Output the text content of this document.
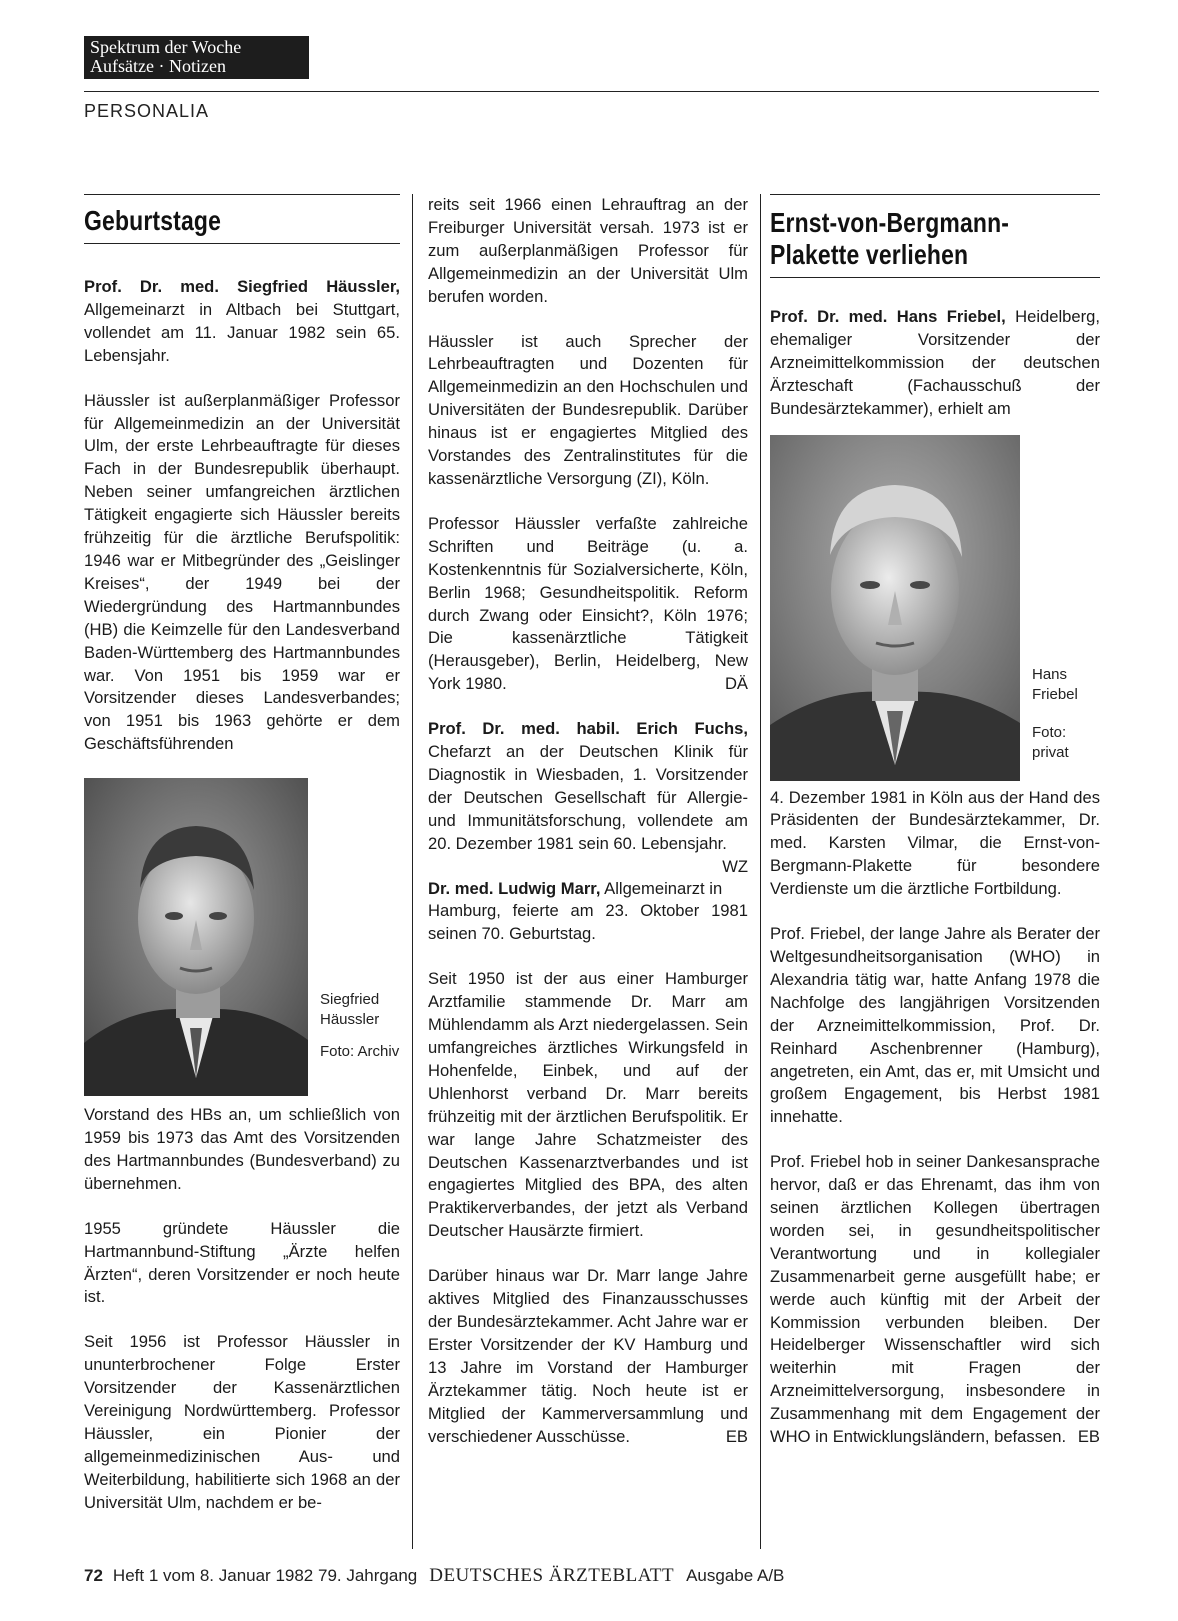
Spektrum der Woche
Aufsätze · Notizen
PERSONALIA
Geburtstage

Prof. Dr. med. Siegfried Häussler, Allgemeinarzt in Altbach bei Stuttgart, vollendet am 11. Januar 1982 sein 65. Lebensjahr.

Häussler ist außerplanmäßiger Professor für Allgemeinmedizin an der Universität Ulm, der erste Lehrbeauftragte für dieses Fach in der Bundesrepublik überhaupt. Neben seiner umfangreichen ärztlichen Tätigkeit engagierte sich Häussler bereits frühzeitig für die ärztliche Berufspolitik: 1946 war er Mitbegründer des „Geislinger Kreises“, der 1949 bei der Wiedergründung des Hartmannbundes (HB) die Keimzelle für den Landesverband Baden-Württemberg des Hartmannbundes war. Von 1951 bis 1959 war er Vorsitzender dieses Landesverbandes; von 1951 bis 1963 gehörte er dem Geschäftsführenden

Siegfried Häussler
Foto: Archiv

Vorstand des HBs an, um schließlich von 1959 bis 1973 das Amt des Vorsitzenden des Hartmannbundes (Bundesverband) zu übernehmen.

1955 gründete Häussler die Hartmannbund-Stiftung „Ärzte helfen Ärzten“, deren Vorsitzender er noch heute ist.

Seit 1956 ist Professor Häussler in ununterbrochener Folge Erster Vorsitzender der Kassenärztlichen Vereinigung Nordwürttemberg. Professor Häussler, ein Pionier der allgemeinmedizinischen Aus- und Weiterbildung, habilitierte sich 1968 an der Universität Ulm, nachdem er be-

reits seit 1966 einen Lehrauftrag an der Freiburger Universität versah. 1973 ist er zum außerplanmäßigen Professor für Allgemeinmedizin an der Universität Ulm berufen worden.

Häussler ist auch Sprecher der Lehrbeauftragten und Dozenten für Allgemeinmedizin an den Hochschulen und Universitäten der Bundesrepublik. Darüber hinaus ist er engagiertes Mitglied des Vorstandes des Zentralinstitutes für die kassenärztliche Versorgung (ZI), Köln.

Professor Häussler verfaßte zahlreiche Schriften und Beiträge (u. a. Kostenkenntnis für Sozialversicherte, Köln, Berlin 1968; Gesundheitspolitik. Reform durch Zwang oder Einsicht?, Köln 1976; Die kassenärztliche Tätigkeit (Herausgeber), Berlin, Heidelberg, New York 1980.	DÄ

Prof. Dr. med. habil. Erich Fuchs, Chefarzt an der Deutschen Klinik für Diagnostik in Wiesbaden, 1. Vorsitzender der Deutschen Gesellschaft für Allergie- und Immunitätsforschung, vollendete am 20. Dezember 1981 sein 60. Lebensjahr.
WZ

Dr. med. Ludwig Marr, Allgemeinarzt in Hamburg, feierte am 23. Oktober 1981 seinen 70. Geburtstag.

Seit 1950 ist der aus einer Hamburger Arztfamilie stammende Dr. Marr am Mühlendamm als Arzt niedergelassen. Sein umfangreiches ärztliches Wirkungsfeld in Hohenfelde, Einbek, und auf der Uhlenhorst verband Dr. Marr bereits frühzeitig mit der ärztlichen Berufspolitik. Er war lange Jahre Schatzmeister des Deutschen Kassenarztverbandes und ist engagiertes Mitglied des BPA, des alten Praktikerverbandes, der jetzt als Verband Deutscher Hausärzte firmiert.

Darüber hinaus war Dr. Marr lange Jahre aktives Mitglied des Finanzausschusses der Bundesärztekammer. Acht Jahre war er Erster Vorsitzender der KV Hamburg und 13 Jahre im Vorstand der Hamburger Ärztekammer tätig. Noch heute ist er Mitglied der Kammerversammlung und verschiedener Ausschüsse.	EB

Ernst-von-Bergmann-
Plakette verliehen

Prof. Dr. med. Hans Friebel, Heidelberg, ehemaliger Vorsitzender der Arzneimittelkommission der deutschen Ärzteschaft (Fachausschuß der Bundesärztekammer), erhielt am

Hans Friebel
Foto: privat

4. Dezember 1981 in Köln aus der Hand des Präsidenten der Bundesärztekammer, Dr. med. Karsten Vilmar, die Ernst-von-Bergmann-Plakette für besondere Verdienste um die ärztliche Fortbildung.

Prof. Friebel, der lange Jahre als Berater der Weltgesundheitsorganisation (WHO) in Alexandria tätig war, hatte Anfang 1978 die Nachfolge des langjährigen Vorsitzenden der Arzneimittelkommission, Prof. Dr. Reinhard Aschenbrenner (Hamburg), angetreten, ein Amt, das er, mit Umsicht und großem Engagement, bis Herbst 1981 innehatte.

Prof. Friebel hob in seiner Dankesansprache hervor, daß er das Ehrenamt, das ihm von seinen ärztlichen Kollegen übertragen worden sei, in gesundheitspolitischer Verantwortung und in kollegialer Zusammenarbeit gerne ausgefüllt habe; er werde auch künftig mit der Arbeit der Kommission verbunden bleiben. Der Heidelberger Wissenschaftler wird sich weiterhin mit Fragen der Arzneimittelversorgung, insbesondere in Zusammenhang mit dem Engagement der WHO in Entwicklungsländern, befassen. EB

72 Heft 1 vom 8. Januar 1982 79. Jahrgang DEUTSCHES ÄRZTEBLATT Ausgabe A/B
